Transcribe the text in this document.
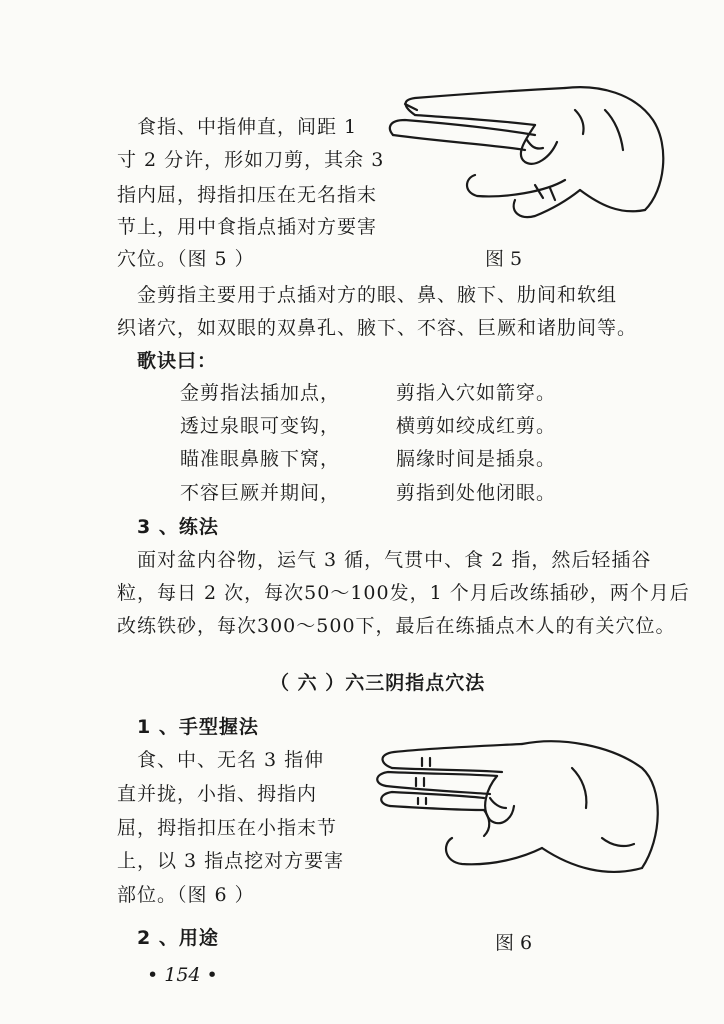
食指、中指伸直，间距 1
寸 2 分许，形如刀剪，其余 3
指内屈，拇指扣压在无名指末
节上，用中食指点插对方要害
穴位。（图 5 ）	图 5
金剪指主要用于点插对方的眼、鼻、腋下、肋间和软组
织诸穴，如双眼的双鼻孔、腋下、不容、巨厥和诸肋间等。
歌诀曰：
金剪指法插加点，	剪指入穴如箭穿。
透过泉眼可变钩，	横剪如绞成红剪。
瞄准眼鼻腋下窝，	膈缘时间是插泉。
不容巨厥并期间，	剪指到处他闭眼。
3 、练法
面对盆内谷物，运气 3 循，气贯中、食 2 指，然后轻插谷
粒，每日 2 次，每次50～100发，1 个月后改练插砂，两个月后
改练铁砂，每次300～500下，最后在练插点木人的有关穴位。
（ 六 ）六三阴指点穴法
1 、手型握法
食、中、无名 3 指伸
直并拢，小指、拇指内
屈，拇指扣压在小指末节
上，以 3 指点挖对方要害
部位。（图 6 ）
图 6
2 、用途
• 154 •
